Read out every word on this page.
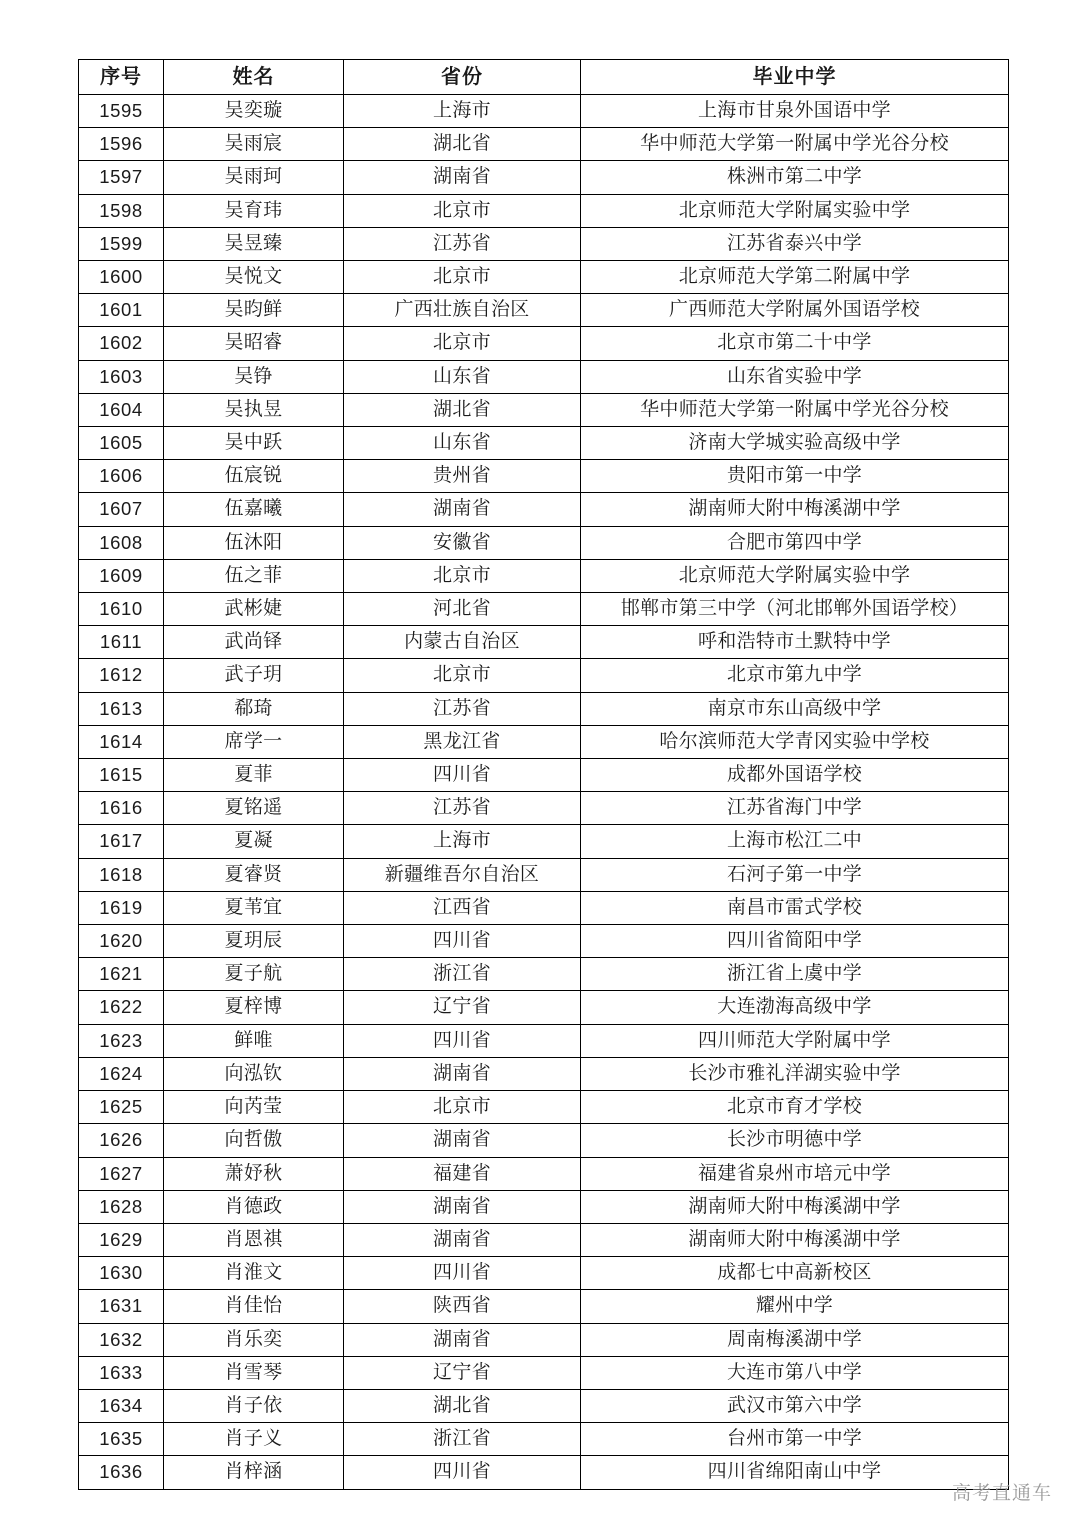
序号	姓名	省份	毕业中学
1595	吴奕璇	上海市	上海市甘泉外国语中学
1596	吴雨宸	湖北省	华中师范大学第一附属中学光谷分校
1597	吴雨珂	湖南省	株洲市第二中学
1598	吴育玮	北京市	北京师范大学附属实验中学
1599	吴昱臻	江苏省	江苏省泰兴中学
1600	吴悦文	北京市	北京师范大学第二附属中学
1601	吴昀鲜	广西壮族自治区	广西师范大学附属外国语学校
1602	吴昭睿	北京市	北京市第二十中学
1603	吴铮	山东省	山东省实验中学
1604	吴执昱	湖北省	华中师范大学第一附属中学光谷分校
1605	吴中跃	山东省	济南大学城实验高级中学
1606	伍宸锐	贵州省	贵阳市第一中学
1607	伍嘉曦	湖南省	湖南师大附中梅溪湖中学
1608	伍沐阳	安徽省	合肥市第四中学
1609	伍之菲	北京市	北京师范大学附属实验中学
1610	武彬婕	河北省	邯郸市第三中学（河北邯郸外国语学校）
1611	武尚铎	内蒙古自治区	呼和浩特市土默特中学
1612	武子玥	北京市	北京市第九中学
1613	郗琦	江苏省	南京市东山高级中学
1614	席学一	黑龙江省	哈尔滨师范大学青冈实验中学校
1615	夏菲	四川省	成都外国语学校
1616	夏铭遥	江苏省	江苏省海门中学
1617	夏凝	上海市	上海市松江二中
1618	夏睿贤	新疆维吾尔自治区	石河子第一中学
1619	夏苇宜	江西省	南昌市雷式学校
1620	夏玥辰	四川省	四川省简阳中学
1621	夏子航	浙江省	浙江省上虞中学
1622	夏梓博	辽宁省	大连渤海高级中学
1623	鲜唯	四川省	四川师范大学附属中学
1624	向泓钦	湖南省	长沙市雅礼洋湖实验中学
1625	向芮莹	北京市	北京市育才学校
1626	向哲傲	湖南省	长沙市明德中学
1627	萧妤秋	福建省	福建省泉州市培元中学
1628	肖德政	湖南省	湖南师大附中梅溪湖中学
1629	肖恩祺	湖南省	湖南师大附中梅溪湖中学
1630	肖淮文	四川省	成都七中高新校区
1631	肖佳怡	陕西省	耀州中学
1632	肖乐奕	湖南省	周南梅溪湖中学
1633	肖雪琴	辽宁省	大连市第八中学
1634	肖子依	湖北省	武汉市第六中学
1635	肖子义	浙江省	台州市第一中学
1636	肖梓涵	四川省	四川省绵阳南山中学
高考直通车
